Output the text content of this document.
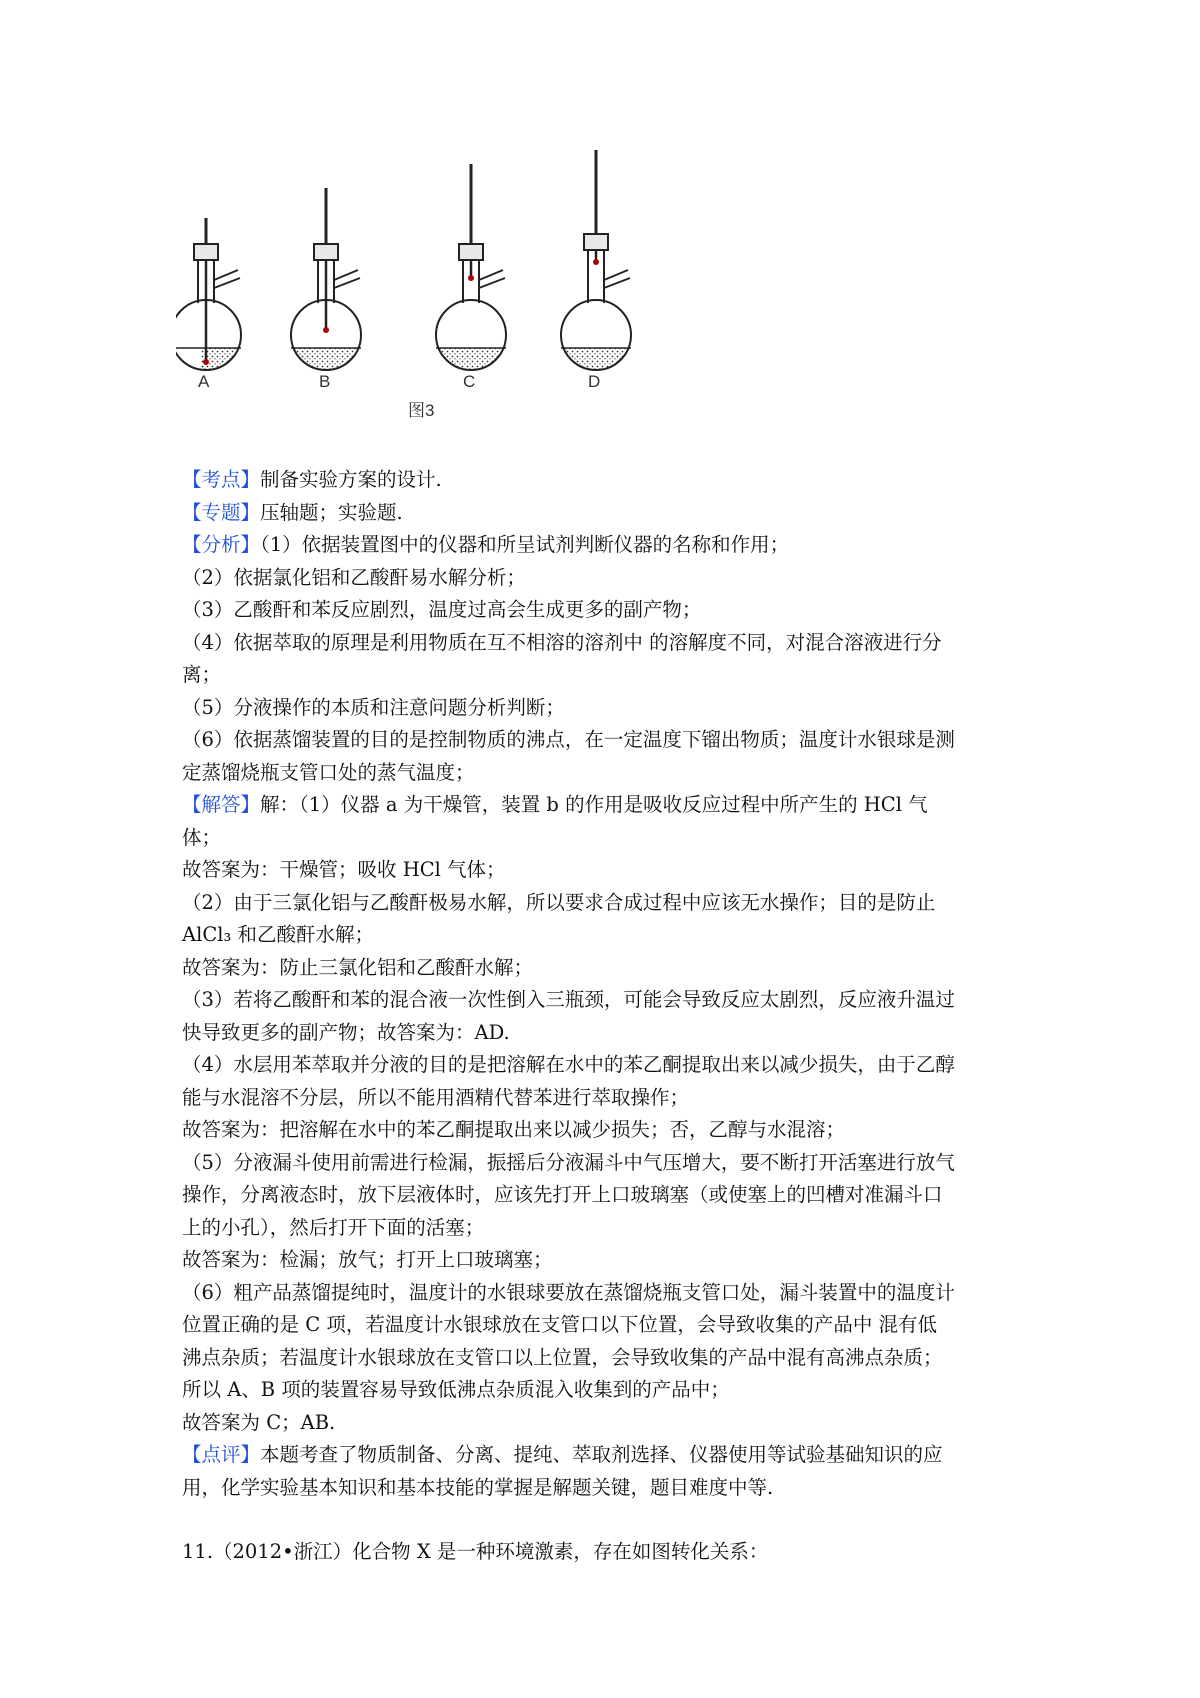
A	B	C	D
图3
【考点】制备实验方案的设计.
【专题】压轴题；实验题.
【分析】（1）依据装置图中的仪器和所呈试剂判断仪器的名称和作用；
（2）依据氯化铝和乙酸酐易水解分析；
（3）乙酸酐和苯反应剧烈，温度过高会生成更多的副产物；
（4）依据萃取的原理是利用物质在互不相溶的溶剂中 的溶解度不同，对混合溶液进行分
离；
（5）分液操作的本质和注意问题分析判断；
（6）依据蒸馏装置的目的是控制物质的沸点，在一定温度下镏出物质；温度计水银球是测
定蒸馏烧瓶支管口处的蒸气温度；
【解答】解：（1）仪器 a 为干燥管，装置 b 的作用是吸收反应过程中所产生的 HCl 气
体；
故答案为：干燥管；吸收 HCl 气体；
（2）由于三氯化铝与乙酸酐极易水解，所以要求合成过程中应该无水操作；目的是防止
AlCl₃ 和乙酸酐水解；
故答案为：防止三氯化铝和乙酸酐水解；
（3）若将乙酸酐和苯的混合液一次性倒入三瓶颈，可能会导致反应太剧烈，反应液升温过
快导致更多的副产物；故答案为：AD.
（4）水层用苯萃取并分液的目的是把溶解在水中的苯乙酮提取出来以减少损失，由于乙醇
能与水混溶不分层，所以不能用酒精代替苯进行萃取操作；
故答案为：把溶解在水中的苯乙酮提取出来以减少损失；否，乙醇与水混溶；
（5）分液漏斗使用前需进行检漏，振摇后分液漏斗中气压增大，要不断打开活塞进行放气
操作，分离液态时，放下层液体时，应该先打开上口玻璃塞（或使塞上的凹槽对准漏斗口
上的小孔），然后打开下面的活塞；
故答案为：检漏；放气；打开上口玻璃塞；
（6）粗产品蒸馏提纯时，温度计的水银球要放在蒸馏烧瓶支管口处，漏斗装置中的温度计
位置正确的是 C 项，若温度计水银球放在支管口以下位置，会导致收集的产品中 混有低
沸点杂质；若温度计水银球放在支管口以上位置，会导致收集的产品中混有高沸点杂质；
所以 A、B 项的装置容易导致低沸点杂质混入收集到的产品中；
故答案为 C；AB.
【点评】本题考查了物质制备、分离、提纯、萃取剂选择、仪器使用等试验基础知识的应
用，化学实验基本知识和基本技能的掌握是解题关键，题目难度中等.
11.（2012•浙江）化合物 X 是一种环境激素，存在如图转化关系：
